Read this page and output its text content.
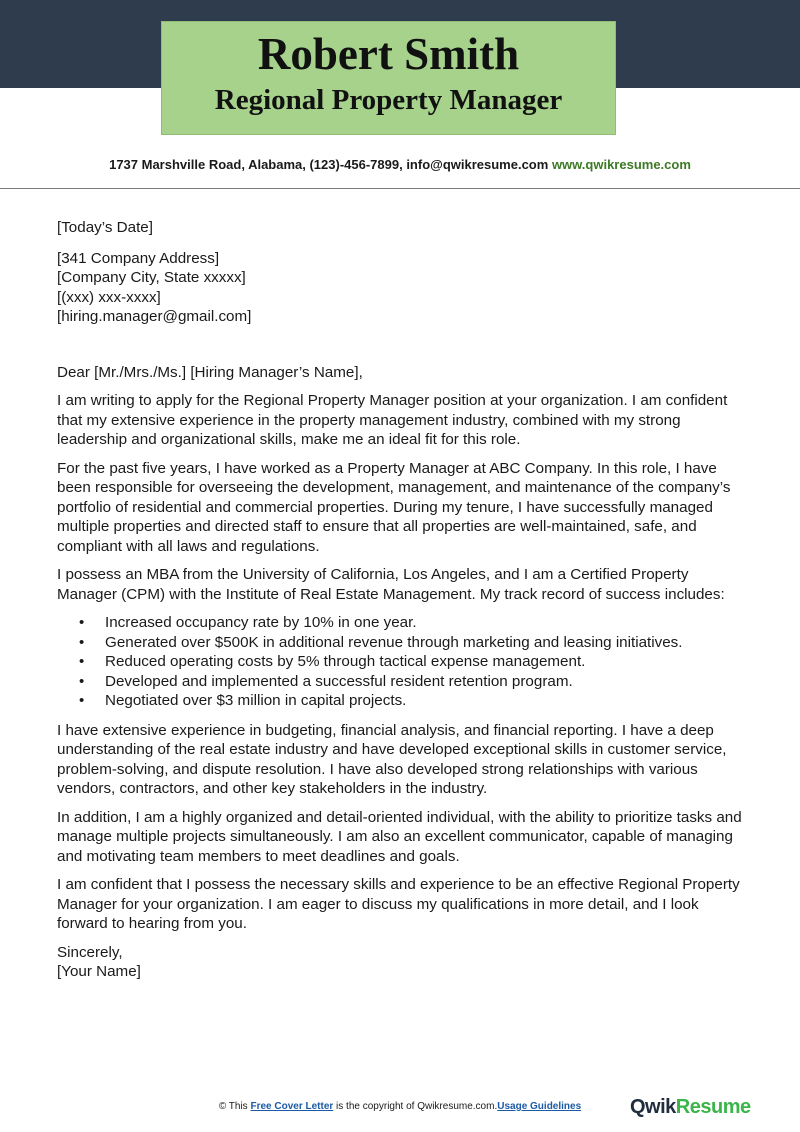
Robert Smith
Regional Property Manager
1737 Marshville Road, Alabama, (123)-456-7899, info@qwikresume.com www.qwikresume.com

[Today’s Date]

[341 Company Address]

[Company City, State xxxxx]

[(xxx) xxx-xxxx]

[hiring.manager@gmail.com]

Dear [Mr./Mrs./Ms.] [Hiring Manager’s Name],

I am writing to apply for the Regional Property Manager position at your organization. I am confident that my extensive experience in the property management industry, combined with my strong leadership and organizational skills, make me an ideal fit for this role.

For the past five years, I have worked as a Property Manager at ABC Company. In this role, I have been responsible for overseeing the development, management, and maintenance of the company’s portfolio of residential and commercial properties. During my tenure, I have successfully managed multiple properties and directed staff to ensure that all properties are well-maintained, safe, and compliant with all laws and regulations.

I possess an MBA from the University of California, Los Angeles, and I am a Certified Property Manager (CPM) with the Institute of Real Estate Management. My track record of success includes:

• Increased occupancy rate by 10% in one year.
• Generated over $500K in additional revenue through marketing and leasing initiatives.
• Reduced operating costs by 5% through tactical expense management.
• Developed and implemented a successful resident retention program.
• Negotiated over $3 million in capital projects.

I have extensive experience in budgeting, financial analysis, and financial reporting. I have a deep understanding of the real estate industry and have developed exceptional skills in customer service, problem-solving, and dispute resolution. I have also developed strong relationships with various vendors, contractors, and other key stakeholders in the industry.

In addition, I am a highly organized and detail-oriented individual, with the ability to prioritize tasks and manage multiple projects simultaneously. I am also an excellent communicator, capable of managing and motivating team members to meet deadlines and goals.

I am confident that I possess the necessary skills and experience to be an effective Regional Property Manager for your organization. I am eager to discuss my qualifications in more detail, and I look forward to hearing from you.

Sincerely,

[Your Name]

© This Free Cover Letter is the copyright of Qwikresume.com.Usage Guidelines	QwikResume
